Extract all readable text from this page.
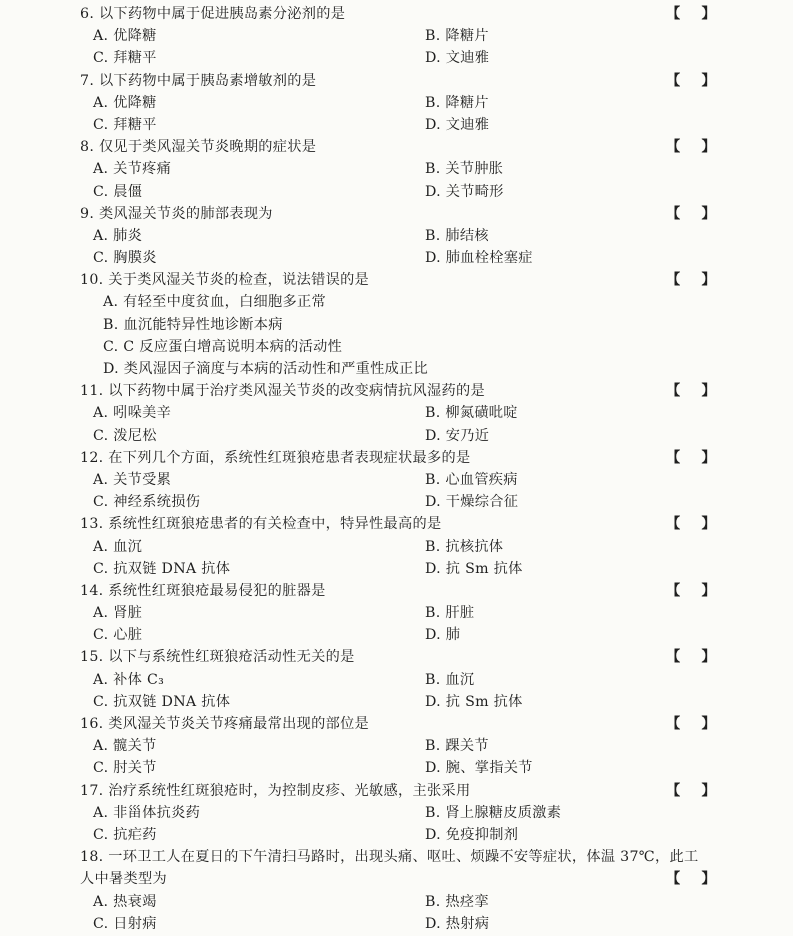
6. 以下药物中属于促进胰岛素分泌剂的是	【 】
A. 优降糖	B. 降糖片
C. 拜糖平	D. 文迪雅
7. 以下药物中属于胰岛素增敏剂的是	【 】
A. 优降糖	B. 降糖片
C. 拜糖平	D. 文迪雅
8. 仅见于类风湿关节炎晚期的症状是	【 】
A. 关节疼痛	B. 关节肿胀
C. 晨僵	D. 关节畸形
9. 类风湿关节炎的肺部表现为	【 】
A. 肺炎	B. 肺结核
C. 胸膜炎	D. 肺血栓栓塞症
10. 关于类风湿关节炎的检查，说法错误的是	【 】
A. 有轻至中度贫血，白细胞多正常
B. 血沉能特异性地诊断本病
C. C 反应蛋白增高说明本病的活动性
D. 类风湿因子滴度与本病的活动性和严重性成正比
11. 以下药物中属于治疗类风湿关节炎的改变病情抗风湿药的是	【 】
A. 吲哚美辛	B. 柳氮磺吡啶
C. 泼尼松	D. 安乃近
12. 在下列几个方面，系统性红斑狼疮患者表现症状最多的是	【 】
A. 关节受累	B. 心血管疾病
C. 神经系统损伤	D. 干燥综合征
13. 系统性红斑狼疮患者的有关检查中，特异性最高的是	【 】
A. 血沉	B. 抗核抗体
C. 抗双链 DNA 抗体	D. 抗 Sm 抗体
14. 系统性红斑狼疮最易侵犯的脏器是	【 】
A. 肾脏	B. 肝脏
C. 心脏	D. 肺
15. 以下与系统性红斑狼疮活动性无关的是	【 】
A. 补体 C₃	B. 血沉
C. 抗双链 DNA 抗体	D. 抗 Sm 抗体
16. 类风湿关节炎关节疼痛最常出现的部位是	【 】
A. 髋关节	B. 踝关节
C. 肘关节	D. 腕、掌指关节
17. 治疗系统性红斑狼疮时，为控制皮疹、光敏感，主张采用	【 】
A. 非甾体抗炎药	B. 肾上腺糖皮质激素
C. 抗疟药	D. 免疫抑制剂
18. 一环卫工人在夏日的下午清扫马路时，出现头痛、呕吐、烦躁不安等症状，体温 37℃，此工
人中暑类型为	【 】
A. 热衰竭	B. 热痉挛
C. 日射病	D. 热射病
